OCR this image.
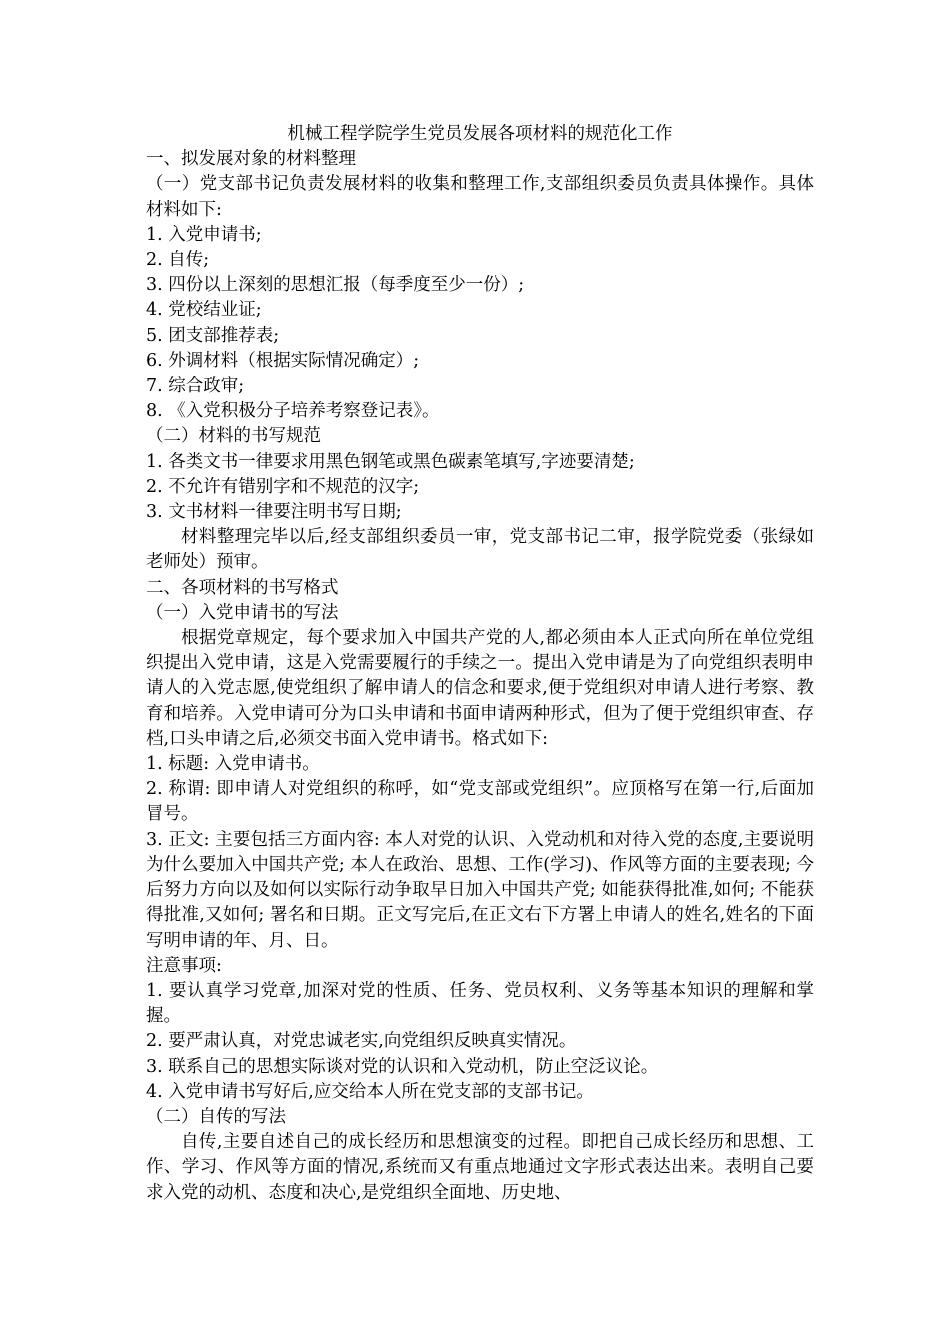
机械工程学院学生党员发展各项材料的规范化工作

一、拟发展对象的材料整理

（一）党支部书记负责发展材料的收集和整理工作,支部组织委员负责具体操作。具体材料如下:

1. 入党申请书;

2. 自传;

3. 四份以上深刻的思想汇报（每季度至少一份）;

4. 党校结业证;

5. 团支部推荐表;

6. 外调材料（根据实际情况确定）;

7. 综合政审;

8. 《入党积极分子培养考察登记表》。

（二）材料的书写规范

1. 各类文书一律要求用黑色钢笔或黑色碳素笔填写,字迹要清楚;

2. 不允许有错别字和不规范的汉字;

3. 文书材料一律要注明书写日期;

材料整理完毕以后,经支部组织委员一审，党支部书记二审，报学院党委（张绿如老师处）预审。

二、各项材料的书写格式

（一）入党申请书的写法

根据党章规定，每个要求加入中国共产党的人,都必须由本人正式向所在单位党组织提出入党申请，这是入党需要履行的手续之一。提出入党申请是为了向党组织表明申请人的入党志愿,使党组织了解申请人的信念和要求,便于党组织对申请人进行考察、教育和培养。入党申请可分为口头申请和书面申请两种形式，但为了便于党组织审查、存档,口头申请之后,必须交书面入党申请书。格式如下:

1. 标题: 入党申请书。

2. 称谓: 即申请人对党组织的称呼，如“党支部或党组织”。应顶格写在第一行,后面加冒号。

3. 正文: 主要包括三方面内容: 本人对党的认识、入党动机和对待入党的态度,主要说明为什么要加入中国共产党; 本人在政治、思想、工作(学习)、作风等方面的主要表现; 今后努力方向以及如何以实际行动争取早日加入中国共产党; 如能获得批准,如何; 不能获得批准,又如何; 署名和日期。正文写完后,在正文右下方署上申请人的姓名,姓名的下面写明申请的年、月、日。

注意事项:

1. 要认真学习党章,加深对党的性质、任务、党员权利、义务等基本知识的理解和掌握。

2. 要严肃认真，对党忠诚老实,向党组织反映真实情况。

3. 联系自己的思想实际谈对党的认识和入党动机，防止空泛议论。

4. 入党申请书写好后,应交给本人所在党支部的支部书记。

（二）自传的写法

自传,主要自述自己的成长经历和思想演变的过程。即把自己成长经历和思想、工作、学习、作风等方面的情况,系统而又有重点地通过文字形式表达出来。表明自己要求入党的动机、态度和决心,是党组织全面地、历史地、
